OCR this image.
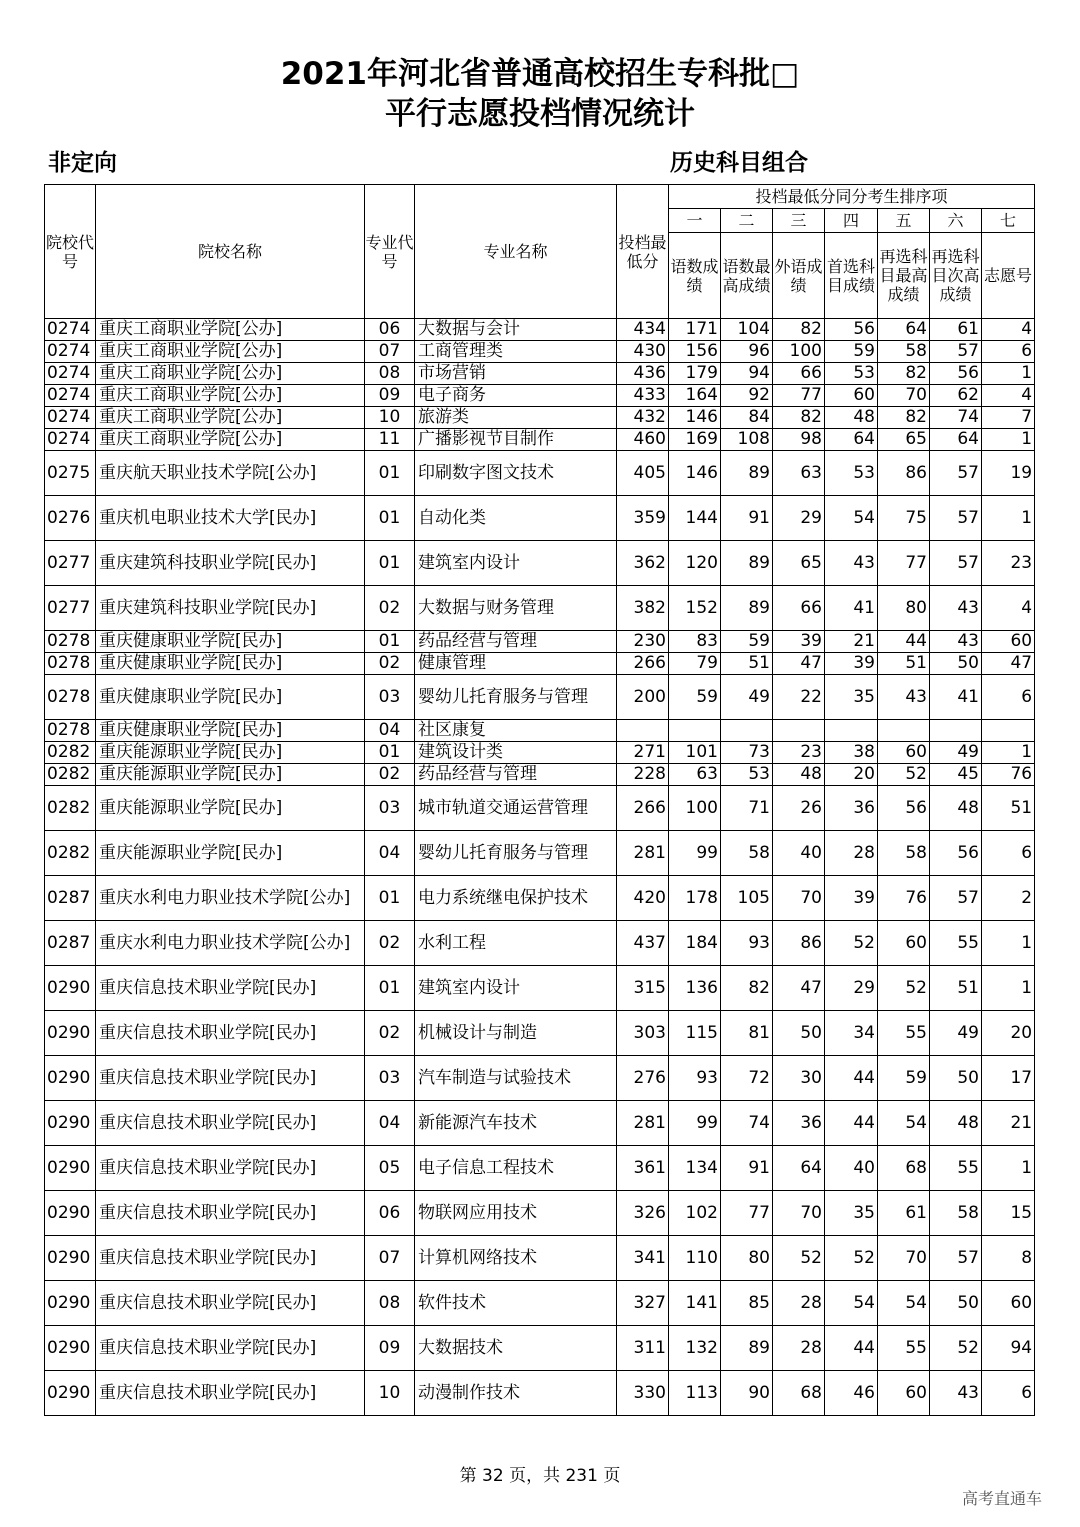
2021年河北省普通高校招生专科批□
平行志愿投档情况统计
非定向	历史科目组合
院校代号	院校名称	专业代号	专业名称	投档最低分	投档最低分同分考生排序项						
					一	二	三	四	五	六	七
					语数成绩	语数最高成绩	外语成绩	首选科目成绩	再选科目最高成绩	再选科目次高成绩	志愿号
0274	重庆工商职业学院[公办]	06	大数据与会计	434	171	104	82	56	64	61	4
0274	重庆工商职业学院[公办]	07	工商管理类	430	156	96	100	59	58	57	6
0274	重庆工商职业学院[公办]	08	市场营销	436	179	94	66	53	82	56	1
0274	重庆工商职业学院[公办]	09	电子商务	433	164	92	77	60	70	62	4
0274	重庆工商职业学院[公办]	10	旅游类	432	146	84	82	48	82	74	7
0274	重庆工商职业学院[公办]	11	广播影视节目制作	460	169	108	98	64	65	64	1
0275	重庆航天职业技术学院[公办]	01	印刷数字图文技术	405	146	89	63	53	86	57	19
0276	重庆机电职业技术大学[民办]	01	自动化类	359	144	91	29	54	75	57	1
0277	重庆建筑科技职业学院[民办]	01	建筑室内设计	362	120	89	65	43	77	57	23
0277	重庆建筑科技职业学院[民办]	02	大数据与财务管理	382	152	89	66	41	80	43	4
0278	重庆健康职业学院[民办]	01	药品经营与管理	230	83	59	39	21	44	43	60
0278	重庆健康职业学院[民办]	02	健康管理	266	79	51	47	39	51	50	47
0278	重庆健康职业学院[民办]	03	婴幼儿托育服务与管理	200	59	49	22	35	43	41	6
0278	重庆健康职业学院[民办]	04	社区康复								
0282	重庆能源职业学院[民办]	01	建筑设计类	271	101	73	23	38	60	49	1
0282	重庆能源职业学院[民办]	02	药品经营与管理	228	63	53	48	20	52	45	76
0282	重庆能源职业学院[民办]	03	城市轨道交通运营管理	266	100	71	26	36	56	48	51
0282	重庆能源职业学院[民办]	04	婴幼儿托育服务与管理	281	99	58	40	28	58	56	6
0287	重庆水利电力职业技术学院[公办]	01	电力系统继电保护技术	420	178	105	70	39	76	57	2
0287	重庆水利电力职业技术学院[公办]	02	水利工程	437	184	93	86	52	60	55	1
0290	重庆信息技术职业学院[民办]	01	建筑室内设计	315	136	82	47	29	52	51	1
0290	重庆信息技术职业学院[民办]	02	机械设计与制造	303	115	81	50	34	55	49	20
0290	重庆信息技术职业学院[民办]	03	汽车制造与试验技术	276	93	72	30	44	59	50	17
0290	重庆信息技术职业学院[民办]	04	新能源汽车技术	281	99	74	36	44	54	48	21
0290	重庆信息技术职业学院[民办]	05	电子信息工程技术	361	134	91	64	40	68	55	1
0290	重庆信息技术职业学院[民办]	06	物联网应用技术	326	102	77	70	35	61	58	15
0290	重庆信息技术职业学院[民办]	07	计算机网络技术	341	110	80	52	52	70	57	8
0290	重庆信息技术职业学院[民办]	08	软件技术	327	141	85	28	54	54	50	60
0290	重庆信息技术职业学院[民办]	09	大数据技术	311	132	89	28	44	55	52	94
0290	重庆信息技术职业学院[民办]	10	动漫制作技术	330	113	90	68	46	60	43	6
第 32 页，共 231 页
高考直通车
